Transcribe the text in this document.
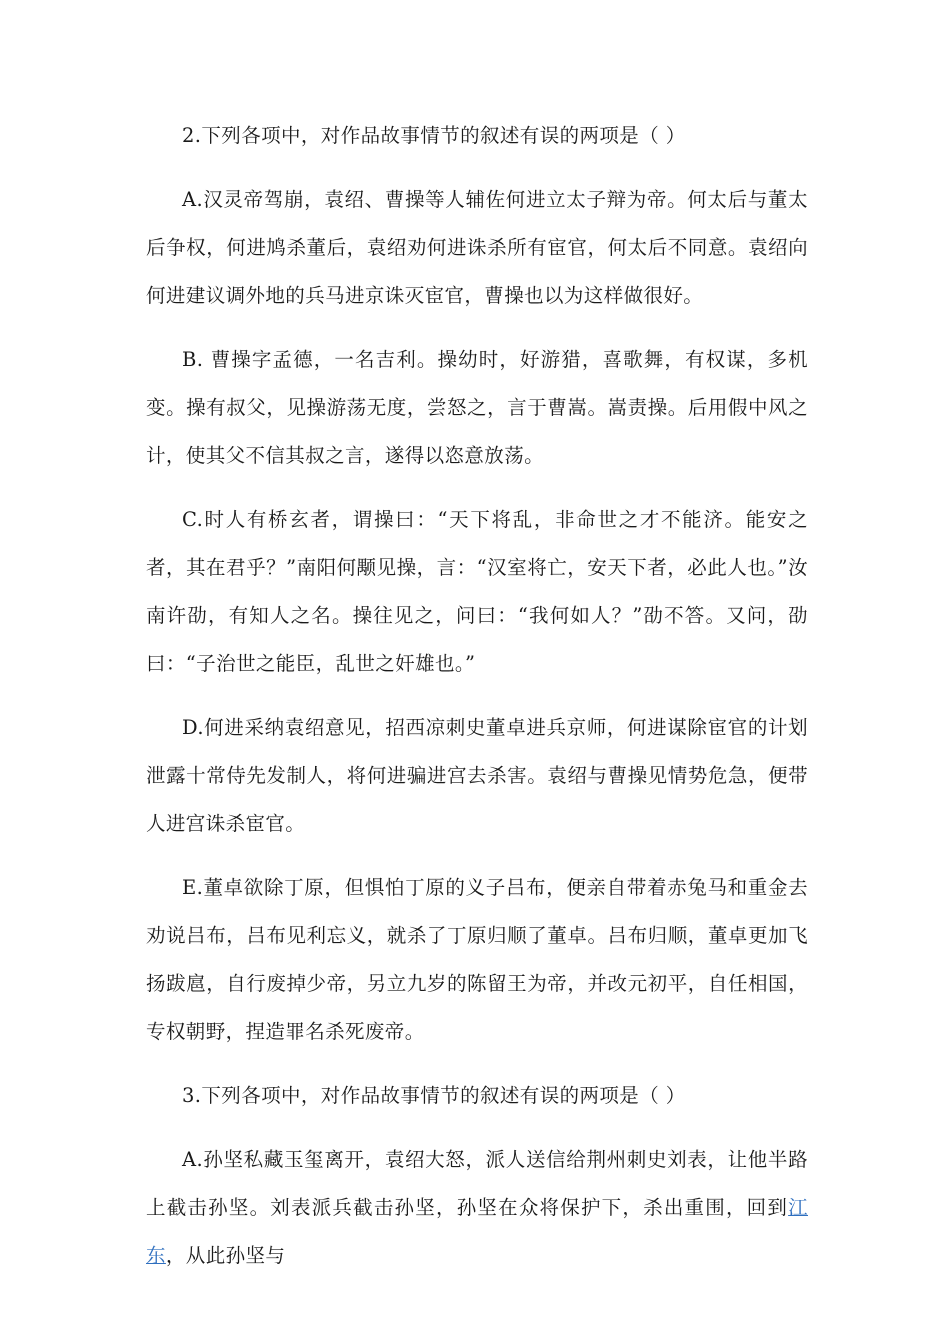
2.下列各项中，对作品故事情节的叙述有误的两项是（ ）

A.汉灵帝驾崩，袁绍、曹操等人辅佐何进立太子辩为帝。何太后与董太后争权，何进鸠杀董后，袁绍劝何进诛杀所有宦官，何太后不同意。袁绍向何进建议调外地的兵马进京诛灭宦官，曹操也以为这样做很好。

B. 曹操字孟德，一名吉利。操幼时，好游猎，喜歌舞，有权谋，多机变。操有叔父，见操游荡无度，尝怒之，言于曹嵩。嵩责操。后用假中风之计，使其父不信其叔之言，遂得以恣意放荡。

C.时人有桥玄者，谓操曰：“天下将乱，非命世之才不能济。能安之者，其在君乎？”南阳何颙见操，言：“汉室将亡，安天下者，必此人也。”汝南许劭，有知人之名。操往见之，问曰：“我何如人？”劭不答。又问，劭曰：“子治世之能臣，乱世之奸雄也。”

D.何进采纳袁绍意见，招西凉刺史董卓进兵京师，何进谋除宦官的计划泄露十常侍先发制人，将何进骗进宫去杀害。袁绍与曹操见情势危急，便带人进宫诛杀宦官。

E.董卓欲除丁原，但惧怕丁原的义子吕布，便亲自带着赤兔马和重金去劝说吕布，吕布见利忘义，就杀了丁原归顺了董卓。吕布归顺，董卓更加飞扬跋扈，自行废掉少帝，另立九岁的陈留王为帝，并改元初平，自任相国，专权朝野，捏造罪名杀死废帝。

3.下列各项中，对作品故事情节的叙述有误的两项是（ ）

A.孙坚私藏玉玺离开，袁绍大怒，派人送信给荆州刺史刘表，让他半路上截击孙坚。刘表派兵截击孙坚，孙坚在众将保护下，杀出重围，回到江东，从此孙坚与
